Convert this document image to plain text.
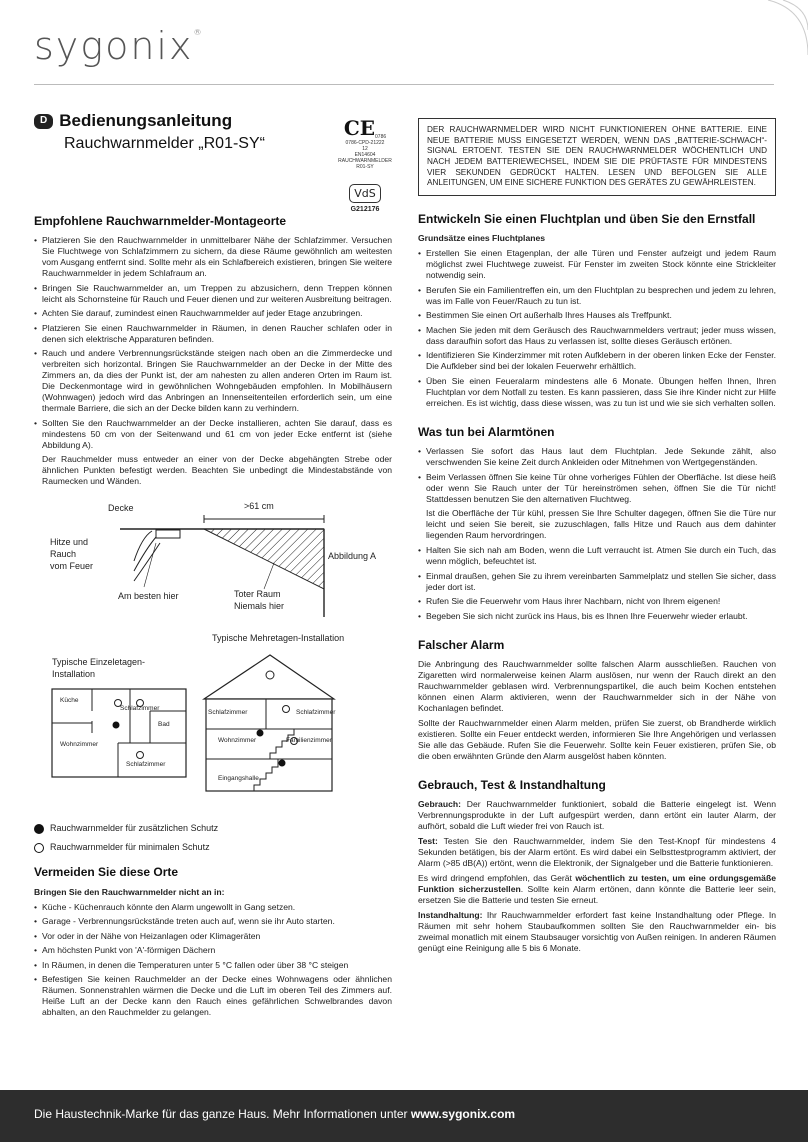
sygonix®
D Bedienungsanleitung
Rauchwarnmelder „R01-SY“
CE0786
0786-CPD-21222
12
EN14604
RAUCHWARNMELDER
R01-SY
VdS
G212176
Empfohlene Rauchwarnmelder-Montageorte
• Platzieren Sie den Rauchwarnmelder in unmittelbarer Nähe der Schlafzimmer. Versuchen Sie Fluchtwege von Schlafzimmern zu sichern, da diese Räume gewöhnlich am weitesten vom Ausgang entfernt sind. Sollte mehr als ein Schlafbereich existieren, bringen Sie weitere Rauchwarnmelder in jedem Schlafraum an.
• Bringen Sie Rauchwarnmelder an, um Treppen zu abzusichern, denn Treppen können leicht als Schornsteine für Rauch und Feuer dienen und zur weiteren Ausbreitung beitragen.
• Achten Sie darauf, zumindest einen Rauchwarnmelder auf jeder Etage anzubringen.
• Platzieren Sie einen Rauchwarnmelder in Räumen, in denen Raucher schlafen oder in denen sich elektrische Apparaturen befinden.
• Rauch und andere Verbrennungsrückstände steigen nach oben an die Zimmerdecke und verbreiten sich horizontal. Bringen Sie Rauchwarnmelder an der Decke in der Mitte des Zimmers an, da dies der Punkt ist, der am nahesten zu allen anderen Orten im Raum ist. Die Deckenmontage wird in gewöhnlichen Wohngebäuden empfohlen. In Mobilhäusern (Wohnwagen) jedoch wird das Anbringen an Innenseitenteilen erforderlich sein, um eine thermale Barriere, die sich an der Decke bilden kann zu verhindern.
• Sollten Sie den Rauchwarnmelder an der Decke installieren, achten Sie darauf, dass es mindestens 50 cm von der Seitenwand und 61 cm von jeder Ecke entfernt ist (siehe Abbildung A).

Der Rauchmelder muss entweder an einer von der Decke abgehängten Strebe oder ähnlichen Punkten befestigt werden. Beachten Sie unbedingt die Mindestabstände von Raumecken und Wänden.

Decke	>61 cm
Hitze und
Rauch
vom Feuer
Abbildung A
Am besten hier	Toter Raum
Niemals hier
Typische Mehretagen-Installation
Typische Einzeletagen-
Installation
Küche
Schlafzimmer
Bad
Wohnzimmer
Schlafzimmer
Schlafzimmer	Schlafzimmer
Wohnzimmer	Familienzimmer
Eingangshalle
Rauchwarnmelder für zusätzlichen Schutz
Rauchwarnmelder für minimalen Schutz
Vermeiden Sie diese Orte
Bringen Sie den Rauchwarnmelder nicht an in:
• Küche - Küchenrauch könnte den Alarm ungewollt in Gang setzen.
• Garage - Verbrennungsrückstände treten auch auf, wenn sie ihr Auto starten.
• Vor oder in der Nähe von Heizanlagen oder Klimageräten
• Am höchsten Punkt von 'A'-förmigen Dächern
• In Räumen, in denen die Temperaturen unter 5 °C fallen oder über 38 °C steigen
• Befestigen Sie keinen Rauchmelder an der Decke eines Wohnwagens oder ähnlichen Räumen. Sonnenstrahlen wärmen die Decke und die Luft im oberen Teil des Zimmers auf. Heiße Luft an der Decke kann den Rauch eines gefährlichen Schwelbrandes davon abhalten, an den Rauchmelder zu gelangen.
DER RAUCHWARNMELDER WIRD NICHT FUNKTIONIEREN OHNE BATTERIE. EINE NEUE BATTERIE MUSS EINGESETZT WERDEN, WENN DAS „BATTERIE-SCHWACH“-SIGNAL ERTOENT. TESTEN SIE DEN RAUCHWARNMELDER WÖCHENTLICH UND NACH JEDEM BATTERIEWECHSEL, INDEM SIE DIE PRÜFTASTE FÜR MINDESTENS VIER SEKUNDEN GEDRÜCKT HALTEN. LESEN UND BEFOLGEN SIE ALLE ANLEITUNGEN, UM EINE SICHERE FUNKTION DES GERÄTES ZU GEWÄHRLEISTEN.
Entwickeln Sie einen Fluchtplan und üben Sie den Ernstfall
Grundsätze eines Fluchtplanes
• Erstellen Sie einen Etagenplan, der alle Türen und Fenster aufzeigt und jedem Raum möglichst zwei Fluchtwege zuweist. Für Fenster im zweiten Stock könnte eine Strickleiter notwendig sein.
• Berufen Sie ein Familientreffen ein, um den Fluchtplan zu besprechen und jedem zu lehren, was im Falle von Feuer/Rauch zu tun ist.
• Bestimmen Sie einen Ort außerhalb Ihres Hauses als Treffpunkt.
• Machen Sie jeden mit dem Geräusch des Rauchwarnmelders vertraut; jeder muss wissen, dass daraufhin sofort das Haus zu verlassen ist, sollte dieses Geräusch ertönen.
• Identifizieren Sie Kinderzimmer mit roten Aufklebern in der oberen linken Ecke der Fenster. Die Aufkleber sind bei der lokalen Feuerwehr erhältlich.
• Üben Sie einen Feueralarm mindestens alle 6 Monate. Übungen helfen Ihnen, Ihren Fluchtplan vor dem Notfall zu testen. Es kann passieren, dass Sie ihre Kinder nicht zur Hilfe erreichen. Es ist wichtig, dass diese wissen, was zu tun ist und wie sie sich verhalten sollen.
Was tun bei Alarmtönen
• Verlassen Sie sofort das Haus laut dem Fluchtplan. Jede Sekunde zählt, also verschwenden Sie keine Zeit durch Ankleiden oder Mitnehmen von Wertgegenständen.
• Beim Verlassen öffnen Sie keine Tür ohne vorheriges Fühlen der Oberfläche. Ist diese heiß oder wenn Sie Rauch unter der Tür hereinströmen sehen, öffnen Sie die Tür nicht! Stattdessen benutzen Sie den alternativen Fluchtweg.

Ist die Oberfläche der Tür kühl, pressen Sie Ihre Schulter dagegen, öffnen Sie die Türe nur leicht und seien Sie bereit, sie zuzuschlagen, falls Hitze und Rauch aus dem dahinter liegenden Raum hervordringen.

• Halten Sie sich nah am Boden, wenn die Luft verraucht ist. Atmen Sie durch ein Tuch, das wenn möglich, befeuchtet ist.
• Einmal draußen, gehen Sie zu ihrem vereinbarten Sammelplatz und stellen Sie sicher, dass jeder dort ist.
• Rufen Sie die Feuerwehr vom Haus ihrer Nachbarn, nicht von Ihrem eigenen!
• Begeben Sie sich nicht zurück ins Haus, bis es Ihnen Ihre Feuerwehr wieder erlaubt.
Falscher Alarm

Die Anbringung des Rauchwarnmelder sollte falschen Alarm ausschließen. Rauchen von Zigaretten wird normalerweise keinen Alarm auslösen, nur wenn der Rauch direkt an den Rauchwarnmelder geblasen wird. Verbrennungspartikel, die auch beim Kochen entstehen können einen Alarm aktivieren, wenn der Rauchwarnmelder sich in der Nähe von Kochanlagen befindet.

Sollte der Rauchwarnmelder einen Alarm melden, prüfen Sie zuerst, ob Brandherde wirklich existieren. Sollte ein Feuer entdeckt werden, informieren Sie Ihre Angehörigen und verlassen Sie alle das Gebäude. Rufen Sie die Feuerwehr. Sollte kein Feuer existieren, prüfen Sie, ob die oben erwähnten Gründe den Alarm ausgelöst haben könnten.

Gebrauch, Test & Instandhaltung

Gebrauch: Der Rauchwarnmelder funktioniert, sobald die Batterie eingelegt ist. Wenn Verbrennungsprodukte in der Luft aufgespürt werden, dann ertönt ein lauter Alarm, der aufhört, sobald die Luft wieder frei von Rauch ist.

Test: Testen Sie den Rauchwarnmelder, indem Sie den Test-Knopf für mindestens 4 Sekunden betätigen, bis der Alarm ertönt. Es wird dabei ein Selbsttestprogramm aktiviert, der Alarm (>85 dB(A)) ertönt, wenn die Elektronik, der Signalgeber und die Batterie funktionieren.

Es wird dringend empfohlen, das Gerät wöchentlich zu testen, um eine ordungsgemäße Funktion sicherzustellen. Sollte kein Alarm ertönen, dann könnte die Batterie leer sein, ersetzen Sie die Batterie und testen Sie erneut.

Instandhaltung: Ihr Rauchwarnmelder erfordert fast keine Instandhaltung oder Pflege. In Räumen mit sehr hohem Staubaufkommen sollten Sie den Rauchwarnmelder ein- bis zweimal monatlich mit einem Staubsauger vorsichtig von Außen reinigen. In anderen Räumen genügt eine Reinigung alle 5 bis 6 Monate.

Die Haustechnik-Marke für das ganze Haus. Mehr Informationen unter www.sygonix.com
